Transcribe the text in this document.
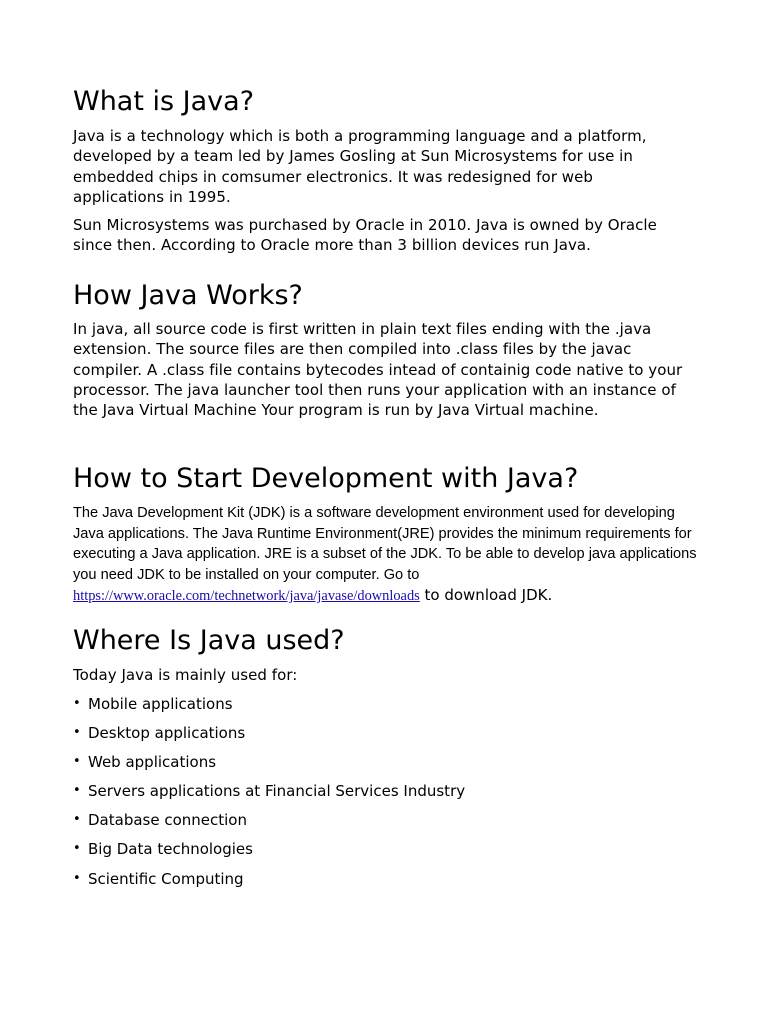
What is Java?

Java is a technology which is both a programming language and a platform, developed by a team led by James Gosling at Sun Microsystems for use in embedded chips in comsumer electronics. It was redesigned for web applications in 1995.

Sun Microsystems was purchased by Oracle in 2010. Java is owned by Oracle since then. According to Oracle more than 3 billion devices run Java.

How Java Works?

In java, all source code is first written in plain text files ending with the .java extension. The source files are then compiled into .class files by the javac compiler. A .class file contains bytecodes intead of containig code native to your processor. The java launcher tool then runs your application with an instance of the Java Virtual Machine Your program is run by Java Virtual machine.

How to Start Development with Java?

The Java Development Kit (JDK) is a software development environment used for developing Java applications. The Java Runtime Environment(JRE) provides the minimum requirements for executing a Java application. JRE is a subset of the JDK. To be able to develop java applications you need JDK to be installed on your computer. Go to https://www.oracle.com/technetwork/java/javase/downloads to download JDK.

Where Is Java used?

Today Java is mainly used for:

• Mobile applications
• Desktop applications
• Web applications
• Servers applications at Financial Services Industry
• Database connection
• Big Data technologies
• Scientific Computing
